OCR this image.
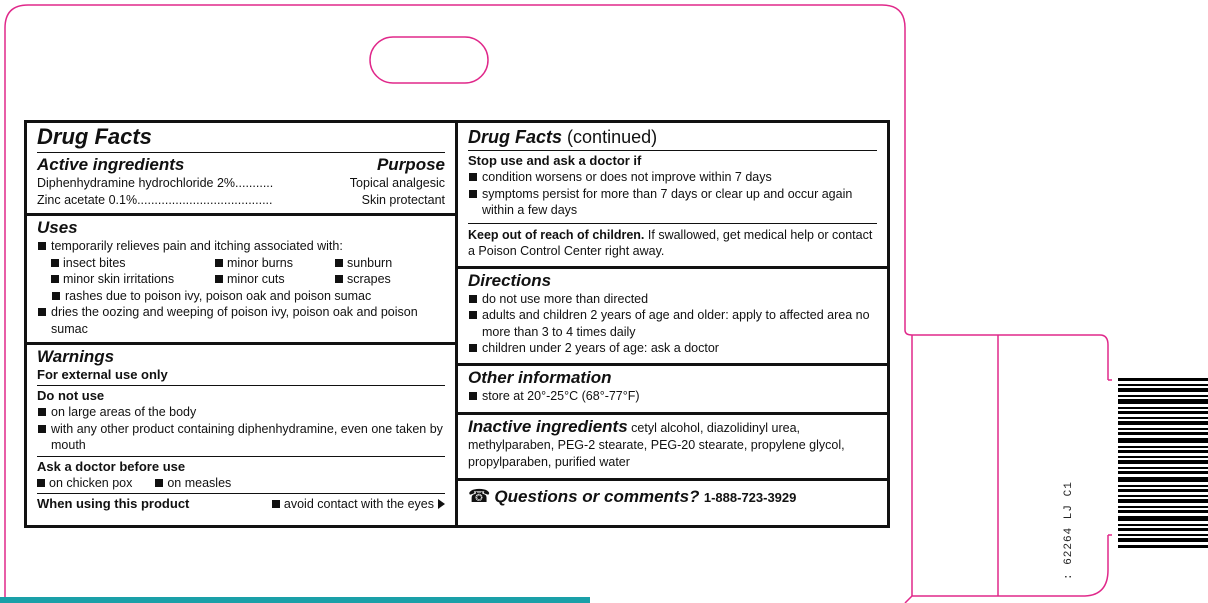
: 62264 LJ C1
Drug Facts
Active ingredients	Purpose
Diphenhydramine hydrochloride 2%...........	Topical analgesic
Zinc acetate 0.1%.......................................	Skin protectant
Uses
temporarily relieves pain and itching associated with:
insect bites	minor burns	sunburn
minor skin irritations	minor cuts	scrapes
rashes due to poison ivy, poison oak and poison sumac
dries the oozing and weeping of poison ivy, poison oak and poison sumac
Warnings
For external use only
Do not use
on large areas of the body
with any other product containing diphenhydramine, even one taken by mouth
Ask a doctor before use
on chicken pox	on measles
When using this product	avoid contact with the eyes
Drug Facts (continued)
Stop use and ask a doctor if
condition worsens or does not improve within 7 days
symptoms persist for more than 7 days or clear up and occur again within a few days
Keep out of reach of children. If swallowed, get medical help or contact a Poison Control Center right away.
Directions
do not use more than directed
adults and children 2 years of age and older: apply to affected area no more than 3 to 4 times daily
children under 2 years of age: ask a doctor
Other information
store at 20°-25°C (68°-77°F)
Inactive ingredients cetyl alcohol, diazolidinyl urea, methylparaben, PEG-2 stearate, PEG-20 stearate, propylene glycol, propylparaben, purified water
☎ Questions or comments? 1-888-723-3929
